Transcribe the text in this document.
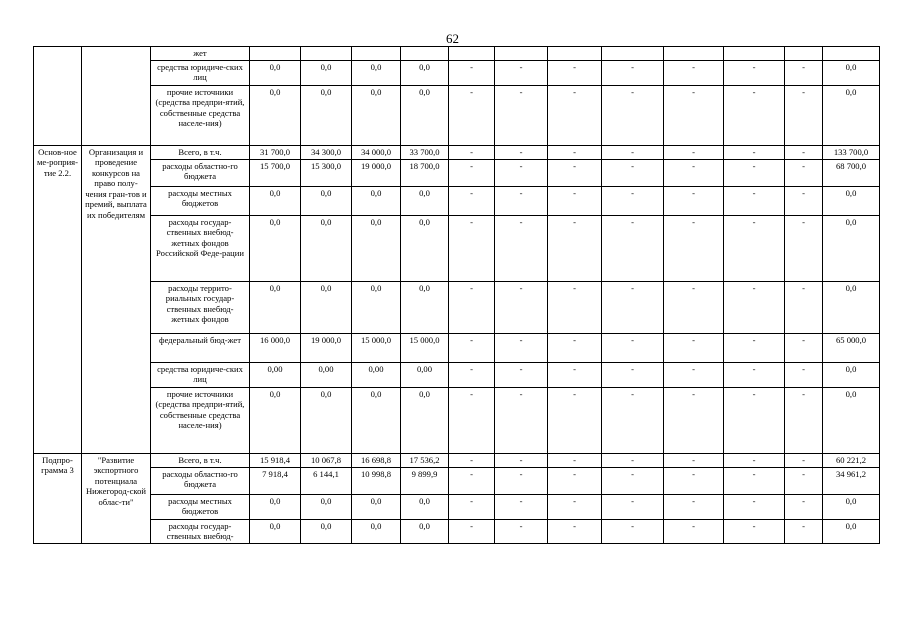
62
		жет												
		средства юридиче-ских лиц	0,0	0,0	0,0	0,0	-	-	-	-	-	-	-	0,0
		прочие источники (средства предпри-ятий, собственные средства населе-ния)	0,0	0,0	0,0	0,0	-	-	-	-	-	-	-	0,0
Основ-ное ме-роприя-тие 2.2.	Организация и проведение конкурсов на право полу-чения гран-тов и премий, выплата их победителям	Всего, в т.ч.	31 700,0	34 300,0	34 000,0	33 700,0	-	-	-	-	-	-	-	133 700,0
		расходы областно-го бюджета	15 700,0	15 300,0	19 000,0	18 700,0	-	-	-	-	-	-	-	68 700,0
		расходы местных бюджетов	0,0	0,0	0,0	0,0	-	-	-	-	-	-	-	0,0
		расходы государ-ственных внебюд-жетных фондов Российской Феде-рации	0,0	0,0	0,0	0,0	-	-	-	-	-	-	-	0,0
		расходы террито-риальных государ-ственных внебюд-жетных фондов	0,0	0,0	0,0	0,0	-	-	-	-	-	-	-	0,0
		федеральный бюд-жет	16 000,0	19 000,0	15 000,0	15 000,0	-	-	-	-	-	-	-	65 000,0
		средства юридиче-ских лиц	0,00	0,00	0,00	0,00	-	-	-	-	-	-	-	0,0
		прочие источники (средства предпри-ятий, собственные средства населе-ния)	0,0	0,0	0,0	0,0	-	-	-	-	-	-	-	0,0
Подпро-грамма 3	"Развитие экспортного потенциала Нижегород-ской облас-ти"	Всего, в т.ч.	15 918,4	10 067,8	16 698,8	17 536,2	-	-	-	-	-	-	-	60 221,2
		расходы областно-го бюджета	7 918,4	6 144,1	10 998,8	9 899,9	-	-	-	-	-	-	-	34 961,2
		расходы местных бюджетов	0,0	0,0	0,0	0,0	-	-	-	-	-	-	-	0,0
		расходы государ-ственных внебюд-	0,0	0,0	0,0	0,0	-	-	-	-	-	-	-	0,0
